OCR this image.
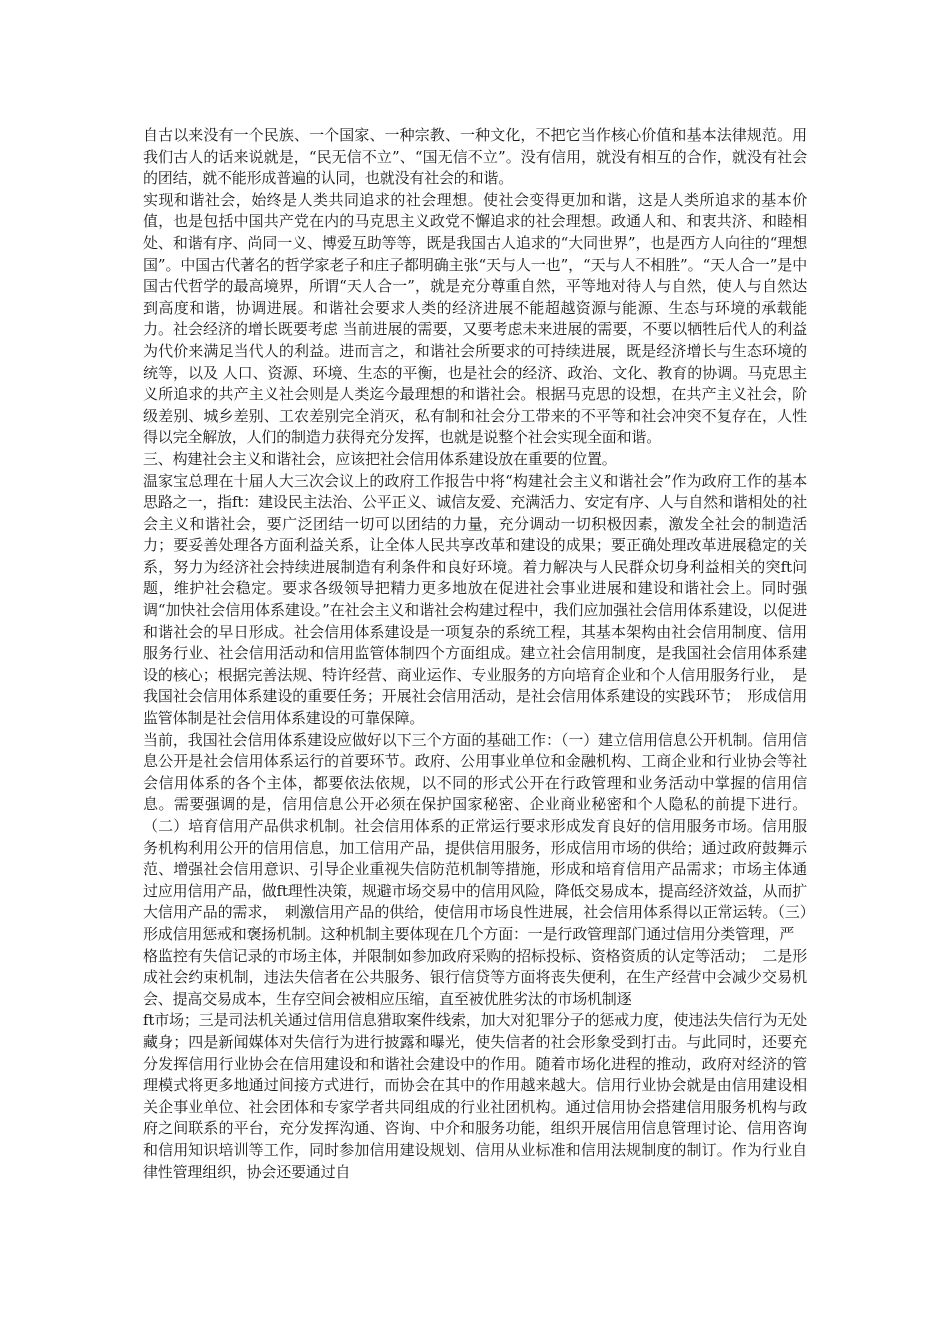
自古以来没有一个民族、一个国家、一种宗教、一种文化，不把它当作核心价值和基本法律规范。用我们古人的话来说就是，“民无信不立”、“国无信不立”。没有信用，就没有相互的合作，就没有社会的团结，就不能形成普遍的认同，也就没有社会的和谐。

实现和谐社会，始终是人类共同追求的社会理想。使社会变得更加和谐，这是人类所追求的基本价值，也是包括中国共产党在内的马克思主义政党不懈追求的社会理想。政通人和、和衷共济、和睦相处、和谐有序、尚同一义、博爱互助等等，既是我国古人追求的“大同世界”，也是西方人向往的“理想国”。中国古代著名的哲学家老子和庄子都明确主张“天与人一也”，“天与人不相胜”。“天人合一”是中国古代哲学的最高境界，所谓“天人合一”，就是充分尊重自然，平等地对待人与自然，使人与自然达到高度和谐，协调进展。和谐社会要求人类的经济进展不能超越资源与能源、生态与环境的承载能力。社会经济的增长既要考虑 当前进展的需要，又要考虑未来进展的需要，不要以牺牲后代人的利益为代价来满足当代人的利益。进而言之，和谐社会所要求的可持续进展，既是经济增长与生态环境的统等，以及 人口、资源、环境、生态的平衡，也是社会的经济、政治、文化、教育的协调。马克思主义所追求的共产主义社会则是人类迄今最理想的和谐社会。根据马克思的设想，在共产主义社会，阶级差别、城乡差别、工农差别完全消灭，私有制和社会分工带来的不平等和社会冲突不复存在，人性得以完全解放，人们的制造力获得充分发挥，也就是说整个社会实现全面和谐。

三、构建社会主义和谐社会，应该把社会信用体系建设放在重要的位置。

温家宝总理在十届人大三次会议上的政府工作报告中将“构建社会主义和谐社会”作为政府工作的基本思路之一，指ft：建设民主法治、公平正义、诚信友爱、充满活力、安定有序、人与自然和谐相处的社会主义和谐社会，要广泛团结一切可以团结的力量，充分调动一切积极因素，激发全社会的制造活力；要妥善处理各方面利益关系，让全体人民共享改革和建设的成果；要正确处理改革进展稳定的关系，努力为经济社会持续进展制造有利条件和良好环境。着力解决与人民群众切身利益相关的突ft问题，维护社会稳定。要求各级领导把精力更多地放在促进社会事业进展和建设和谐社会上。同时强调“加快社会信用体系建设。”在社会主义和谐社会构建过程中，我们应加强社会信用体系建设，以促进和谐社会的早日形成。社会信用体系建设是一项复杂的系统工程，其基本架构由社会信用制度、信用服务行业、社会信用活动和信用监管体制四个方面组成。建立社会信用制度，是我国社会信用体系建设的核心；根据完善法规、特许经营、商业运作、专业服务的方向培育企业和个人信用服务行业，　是我国社会信用体系建设的重要任务；开展社会信用活动，是社会信用体系建设的实践环节；　形成信用监管体制是社会信用体系建设的可靠保障。

当前，我国社会信用体系建设应做好以下三个方面的基础工作：（一）建立信用信息公开机制。信用信息公开是社会信用体系运行的首要环节。政府、公用事业单位和金融机构、工商企业和行业协会等社会信用体系的各个主体，都要依法依规，以不同的形式公开在行政管理和业务活动中掌握的信用信息。需要强调的是，信用信息公开必须在保护国家秘密、企业商业秘密和个人隐私的前提下进行。（二）培育信用产品供求机制。社会信用体系的正常运行要求形成发育良好的信用服务市场。信用服务机构利用公开的信用信息，加工信用产品，提供信用服务，形成信用市场的供给；通过政府鼓舞示范、增强社会信用意识、引导企业重视失信防范机制等措施，形成和培育信用产品需求；市场主体通过应用信用产品，做ft理性决策，规避市场交易中的信用风险，降低交易成本，提高经济效益，从而扩大信用产品的需求，　刺激信用产品的供给，使信用市场良性进展，社会信用体系得以正常运转。（三）形成信用惩戒和褒扬机制。这种机制主要体现在几个方面：一是行政管理部门通过信用分类管理，严

格监控有失信记录的市场主体，并限制如参加政府采购的招标投标、资格资质的认定等活动；　二是形成社会约束机制，违法失信者在公共服务、银行信贷等方面将丧失便利，在生产经营中会减少交易机会、提高交易成本，生存空间会被相应压缩，直至被优胜劣汰的市场机制逐

ft市场；三是司法机关通过信用信息猎取案件线索，加大对犯罪分子的惩戒力度，使违法失信行为无处藏身；四是新闻媒体对失信行为进行披露和曝光，使失信者的社会形象受到打击。与此同时，还要充分发挥信用行业协会在信用建设和和谐社会建设中的作用。随着市场化进程的推动，政府对经济的管理模式将更多地通过间接方式进行，而协会在其中的作用越来越大。信用行业协会就是由信用建设相关企事业单位、社会团体和专家学者共同组成的行业社团机构。通过信用协会搭建信用服务机构与政府之间联系的平台，充分发挥沟通、咨询、中介和服务功能，组织开展信用信息管理讨论、信用咨询和信用知识培训等工作，同时参加信用建设规划、信用从业标准和信用法规制度的制订。作为行业自律性管理组织，协会还要通过自
